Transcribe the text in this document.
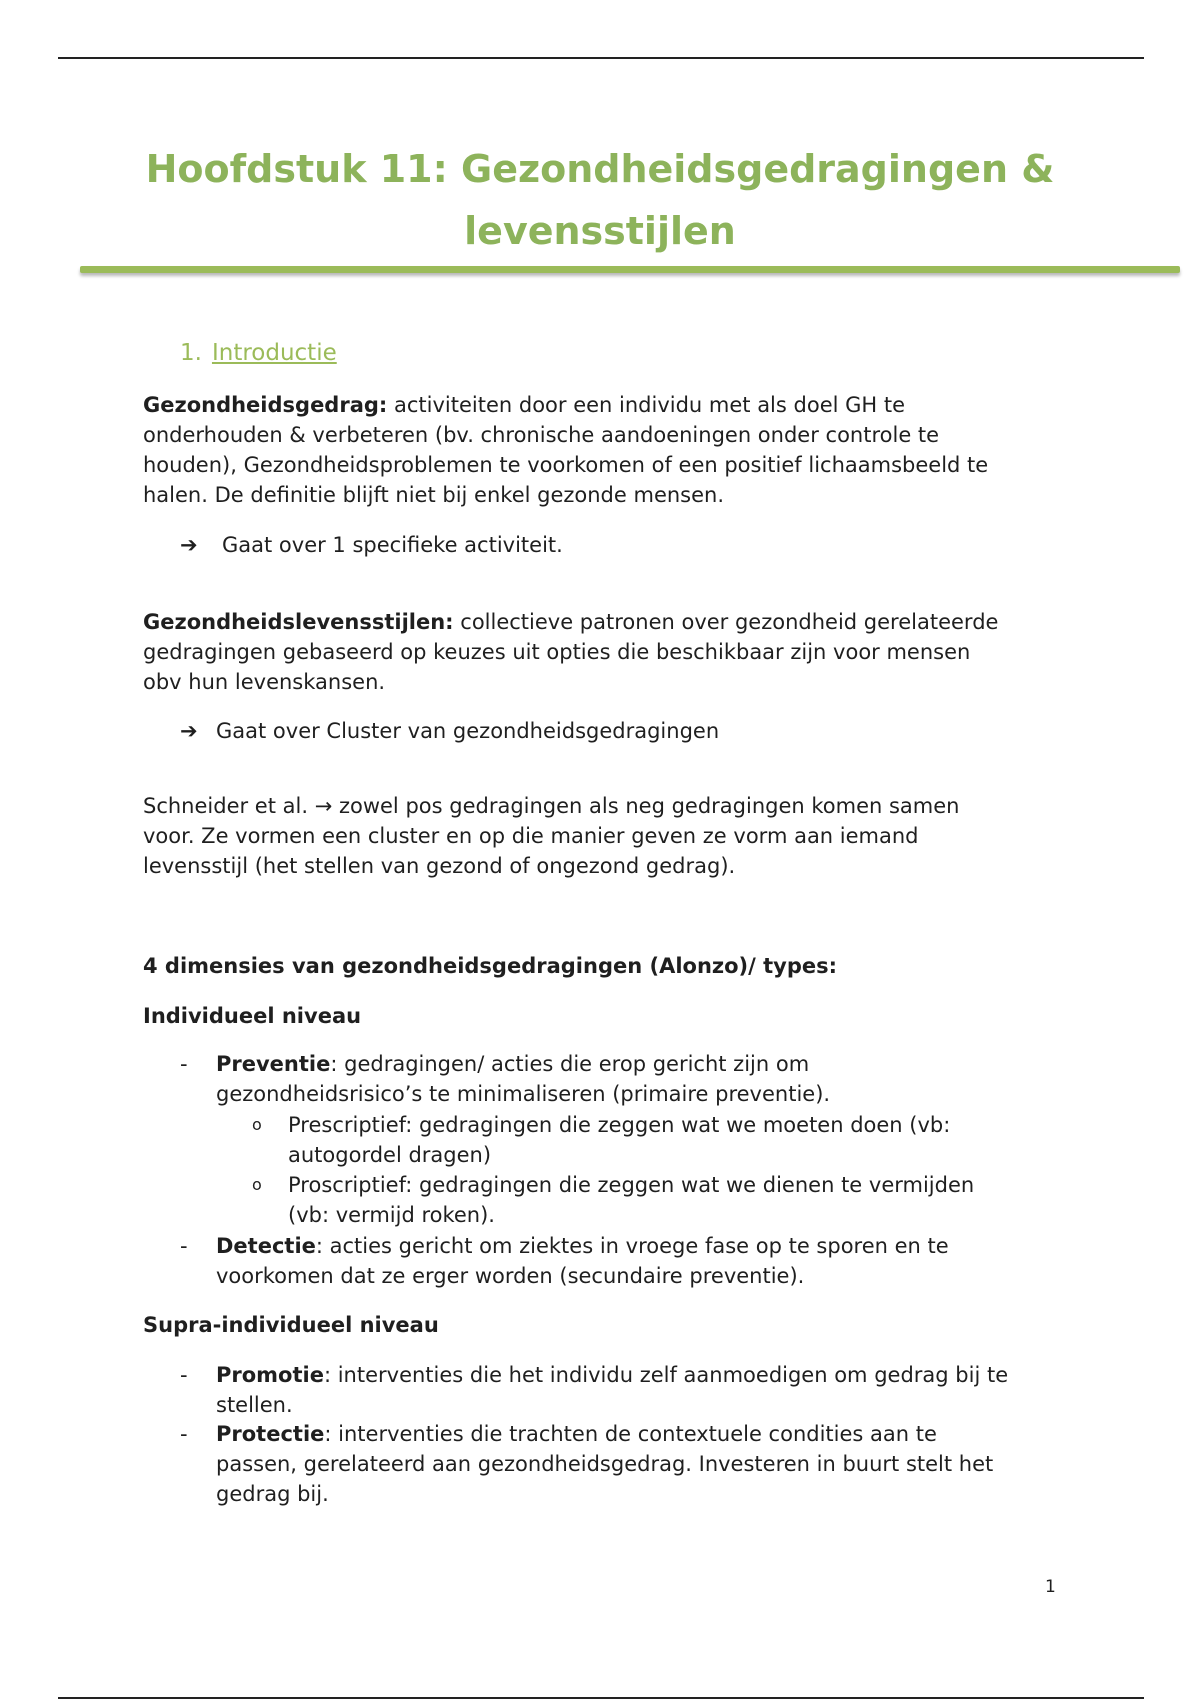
Hoofdstuk 11: Gezondheidsgedragingen &
levensstijlen
1. Introductie
Gezondheidsgedrag: activiteiten door een individu met als doel GH te
onderhouden & verbeteren (bv. chronische aandoeningen onder controle te
houden), Gezondheidsproblemen te voorkomen of een positief lichaamsbeeld te
halen. De definitie blijft niet bij enkel gezonde mensen.
➔ Gaat over 1 specifieke activiteit.
Gezondheidslevensstijlen: collectieve patronen over gezondheid gerelateerde
gedragingen gebaseerd op keuzes uit opties die beschikbaar zijn voor mensen
obv hun levenskansen.
➔ Gaat over Cluster van gezondheidsgedragingen
Schneider et al. → zowel pos gedragingen als neg gedragingen komen samen
voor. Ze vormen een cluster en op die manier geven ze vorm aan iemand
levensstijl (het stellen van gezond of ongezond gedrag).
4 dimensies van gezondheidsgedragingen (Alonzo)/ types:
Individueel niveau
-	Preventie: gedragingen/ acties die erop gericht zijn om
gezondheidsrisico’s te minimaliseren (primaire preventie).
o Prescriptief: gedragingen die zeggen wat we moeten doen (vb:
autogordel dragen)
o Proscriptief: gedragingen die zeggen wat we dienen te vermijden
(vb: vermijd roken).
-	Detectie: acties gericht om ziektes in vroege fase op te sporen en te
voorkomen dat ze erger worden (secundaire preventie).
Supra-individueel niveau
-	Promotie: interventies die het individu zelf aanmoedigen om gedrag bij te
stellen.
-	Protectie: interventies die trachten de contextuele condities aan te
passen, gerelateerd aan gezondheidsgedrag. Investeren in buurt stelt het
gedrag bij.
1
